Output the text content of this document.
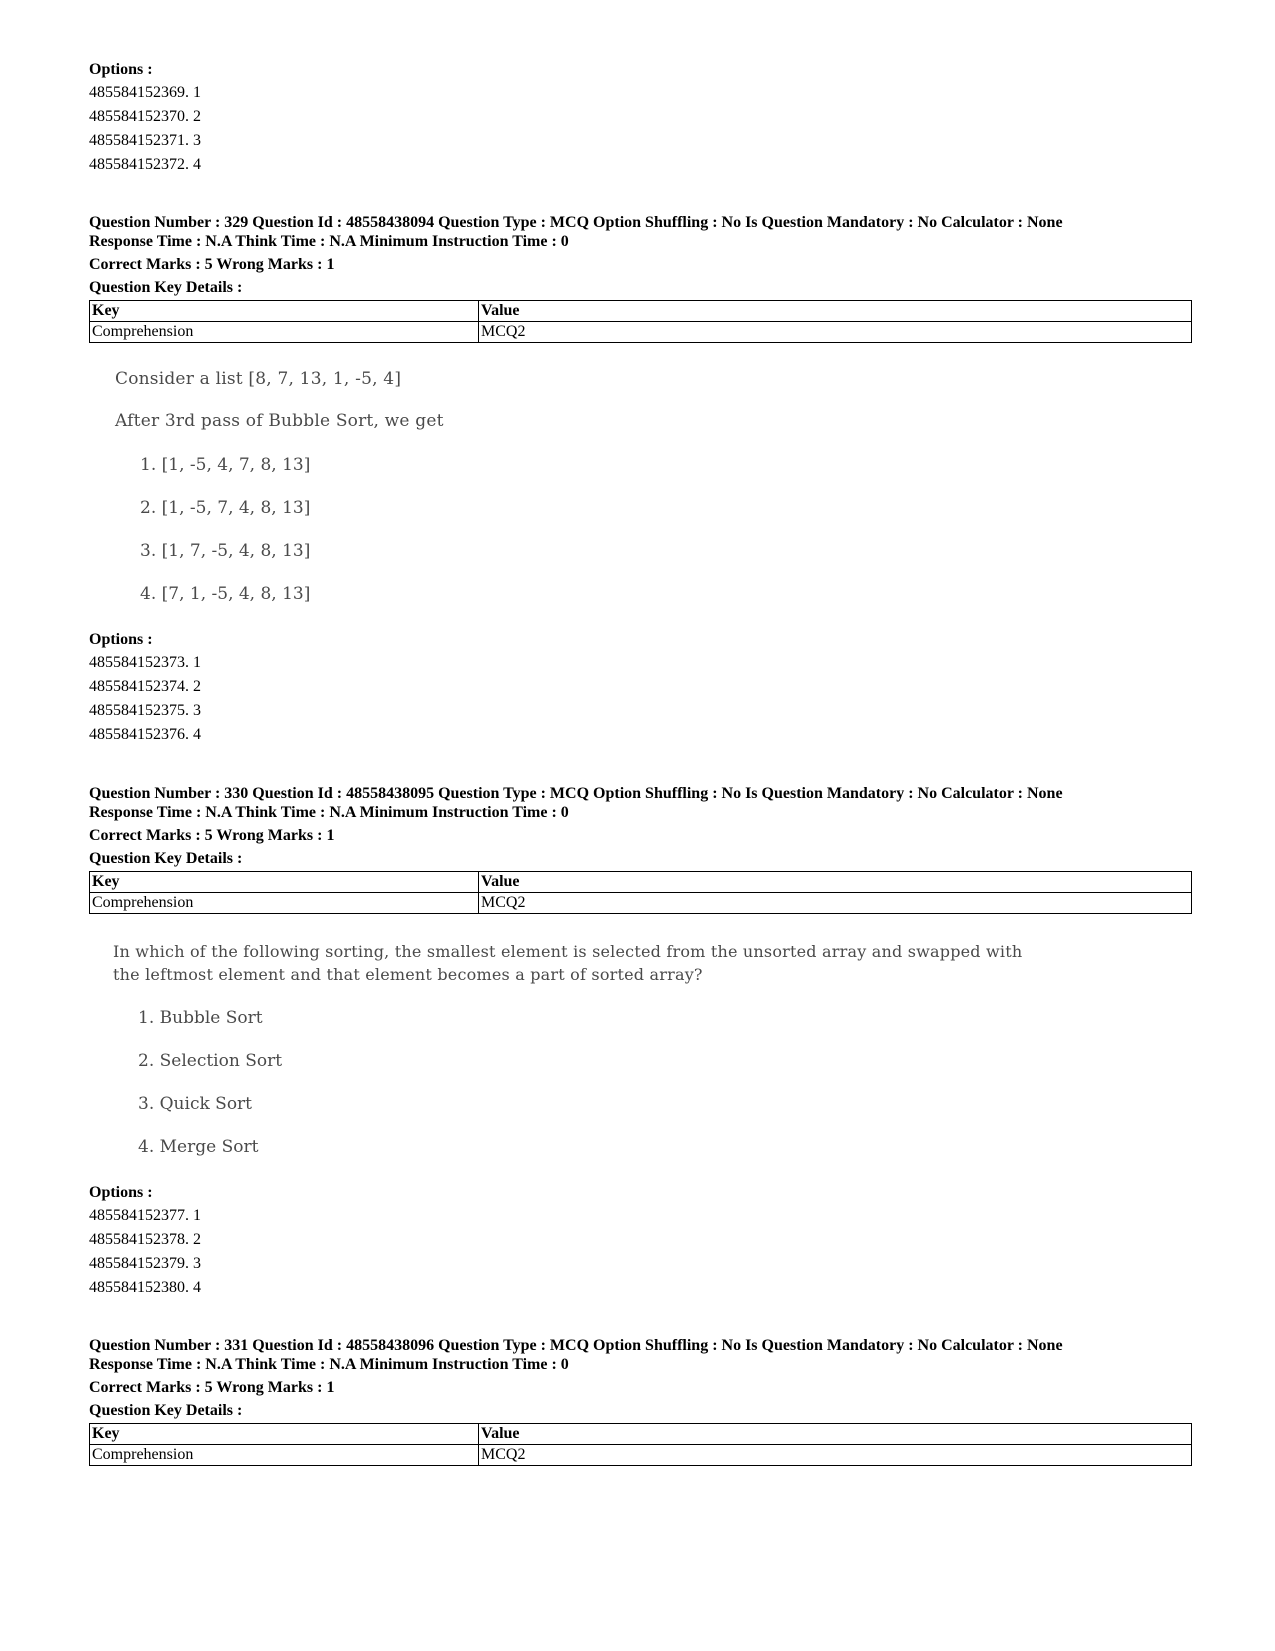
Options :
485584152369. 1
485584152370. 2
485584152371. 3
485584152372. 4
Question Number : 329 Question Id : 48558438094 Question Type : MCQ Option Shuffling : No Is Question Mandatory : No Calculator : None
Response Time : N.A Think Time : N.A Minimum Instruction Time : 0
Correct Marks : 5 Wrong Marks : 1
Question Key Details :
Key	Value
Comprehension	MCQ2
Consider a list [8, 7, 13, 1, -5, 4]
After 3rd pass of Bubble Sort, we get
1. [1, -5, 4, 7, 8, 13]
2. [1, -5, 7, 4, 8, 13]
3. [1, 7, -5, 4, 8, 13]
4. [7, 1, -5, 4, 8, 13]
Options :
485584152373. 1
485584152374. 2
485584152375. 3
485584152376. 4
Question Number : 330 Question Id : 48558438095 Question Type : MCQ Option Shuffling : No Is Question Mandatory : No Calculator : None
Response Time : N.A Think Time : N.A Minimum Instruction Time : 0
Correct Marks : 5 Wrong Marks : 1
Question Key Details :
Key	Value
Comprehension	MCQ2
In which of the following sorting, the smallest element is selected from the unsorted array and swapped with
the leftmost element and that element becomes a part of sorted array?
1. Bubble Sort
2. Selection Sort
3. Quick Sort
4. Merge Sort
Options :
485584152377. 1
485584152378. 2
485584152379. 3
485584152380. 4
Question Number : 331 Question Id : 48558438096 Question Type : MCQ Option Shuffling : No Is Question Mandatory : No Calculator : None
Response Time : N.A Think Time : N.A Minimum Instruction Time : 0
Correct Marks : 5 Wrong Marks : 1
Question Key Details :
Key	Value
Comprehension	MCQ2
